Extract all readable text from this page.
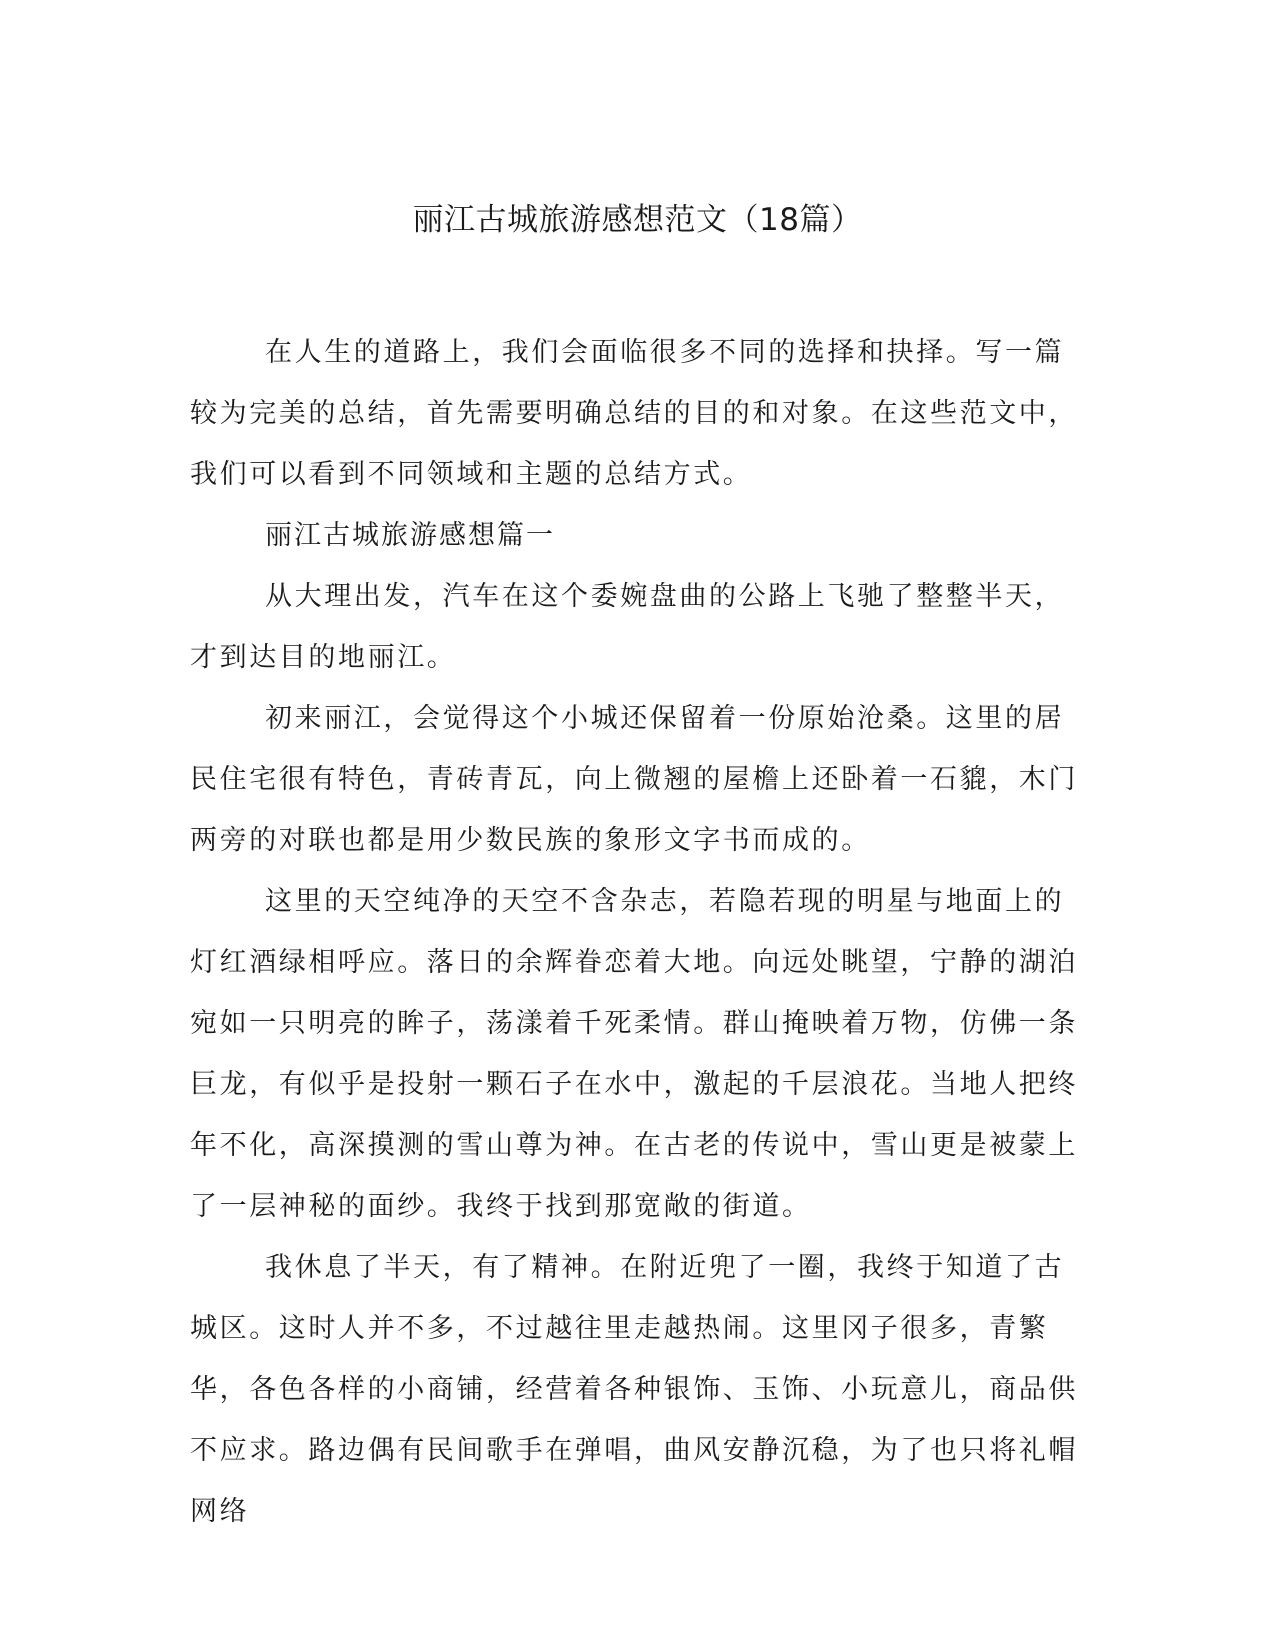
丽江古城旅游感想范文（18篇）

在人生的道路上，我们会面临很多不同的选择和抉择。写一篇较为完美的总结，首先需要明确总结的目的和对象。在这些范文中，我们可以看到不同领域和主题的总结方式。

丽江古城旅游感想篇一

从大理出发，汽车在这个委婉盘曲的公路上飞驰了整整半天，才到达目的地丽江。

初来丽江，会觉得这个小城还保留着一份原始沧桑。这里的居民住宅很有特色，青砖青瓦，向上微翘的屋檐上还卧着一石貔，木门两旁的对联也都是用少数民族的象形文字书而成的。

这里的天空纯净的天空不含杂志，若隐若现的明星与地面上的灯红酒绿相呼应。落日的余辉眷恋着大地。向远处眺望，宁静的湖泊宛如一只明亮的眸子，荡漾着千死柔情。群山掩映着万物，仿佛一条巨龙，有似乎是投射一颗石子在水中，激起的千层浪花。当地人把终年不化，高深摸测的雪山尊为神。在古老的传说中，雪山更是被蒙上了一层神秘的面纱。我终于找到那宽敞的街道。

我休息了半天，有了精神。在附近兜了一圈，我终于知道了古城区。这时人并不多，不过越往里走越热闹。这里冈子很多，青繁华，各色各样的小商铺，经营着各种银饰、玉饰、小玩意儿，商品供不应求。路边偶有民间歌手在弹唱，曲风安静沉稳，为了也只将礼帽网络
